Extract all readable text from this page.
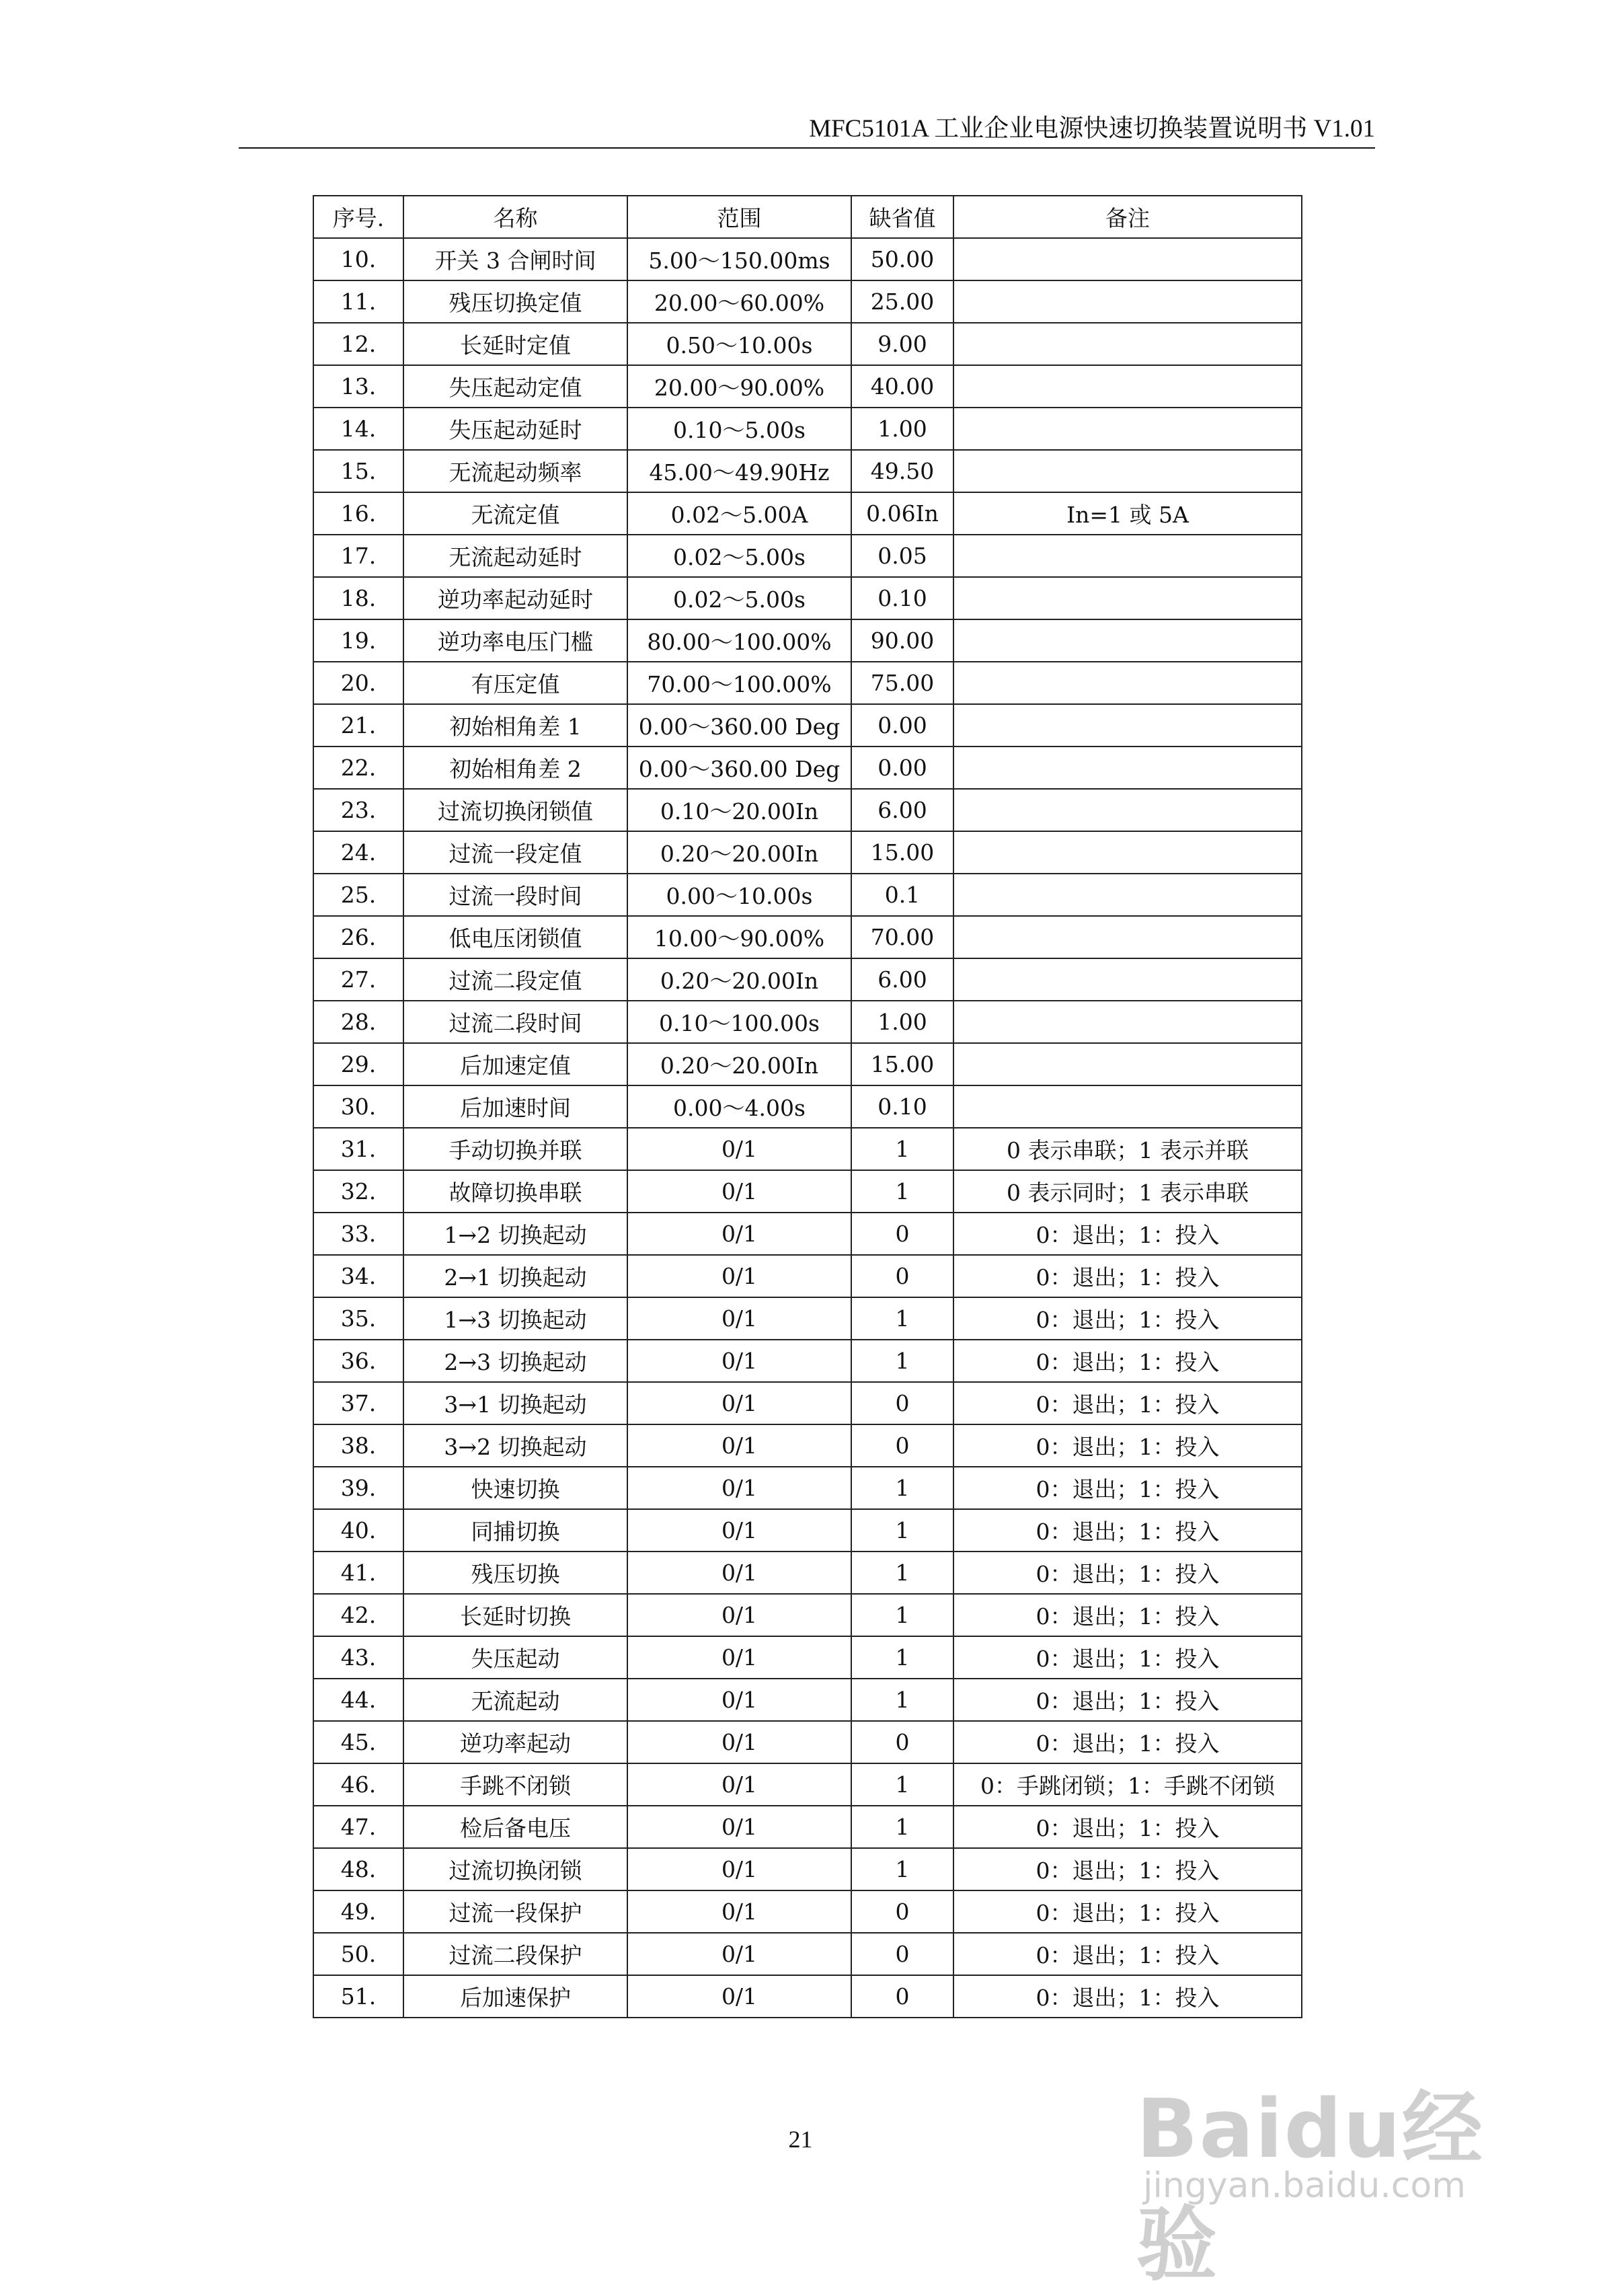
MFC5101A 工业企业电源快速切换装置说明书 V1.01
序号.	名称	范围	缺省值	备注
10.	开关 3 合闸时间	5.00～150.00ms	50.00	
11.	残压切换定值	20.00～60.00%	25.00	
12.	长延时定值	0.50～10.00s	9.00	
13.	失压起动定值	20.00～90.00%	40.00	
14.	失压起动延时	0.10～5.00s	1.00	
15.	无流起动频率	45.00～49.90Hz	49.50	
16.	无流定值	0.02～5.00A	0.06In	In=1 或 5A
17.	无流起动延时	0.02～5.00s	0.05	
18.	逆功率起动延时	0.02～5.00s	0.10	
19.	逆功率电压门槛	80.00～100.00%	90.00	
20.	有压定值	70.00～100.00%	75.00	
21.	初始相角差 1	0.00～360.00 Deg	0.00	
22.	初始相角差 2	0.00～360.00 Deg	0.00	
23.	过流切换闭锁值	0.10～20.00In	6.00	
24.	过流一段定值	0.20～20.00In	15.00	
25.	过流一段时间	0.00～10.00s	0.1	
26.	低电压闭锁值	10.00～90.00%	70.00	
27.	过流二段定值	0.20～20.00In	6.00	
28.	过流二段时间	0.10～100.00s	1.00	
29.	后加速定值	0.20～20.00In	15.00	
30.	后加速时间	0.00～4.00s	0.10	
31.	手动切换并联	0/1	1	0 表示串联；1 表示并联
32.	故障切换串联	0/1	1	0 表示同时；1 表示串联
33.	1→2 切换起动	0/1	0	0：退出；1：投入
34.	2→1 切换起动	0/1	0	0：退出；1：投入
35.	1→3 切换起动	0/1	1	0：退出；1：投入
36.	2→3 切换起动	0/1	1	0：退出；1：投入
37.	3→1 切换起动	0/1	0	0：退出；1：投入
38.	3→2 切换起动	0/1	0	0：退出；1：投入
39.	快速切换	0/1	1	0：退出；1：投入
40.	同捕切换	0/1	1	0：退出；1：投入
41.	残压切换	0/1	1	0：退出；1：投入
42.	长延时切换	0/1	1	0：退出；1：投入
43.	失压起动	0/1	1	0：退出；1：投入
44.	无流起动	0/1	1	0：退出；1：投入
45.	逆功率起动	0/1	0	0：退出；1：投入
46.	手跳不闭锁	0/1	1	0：手跳闭锁；1：手跳不闭锁
47.	检后备电压	0/1	1	0：退出；1：投入
48.	过流切换闭锁	0/1	1	0：退出；1：投入
49.	过流一段保护	0/1	0	0：退出；1：投入
50.	过流二段保护	0/1	0	0：退出；1：投入
51.	后加速保护	0/1	0	0：退出；1：投入
21	Baidu经验
jingyan.baidu.com
